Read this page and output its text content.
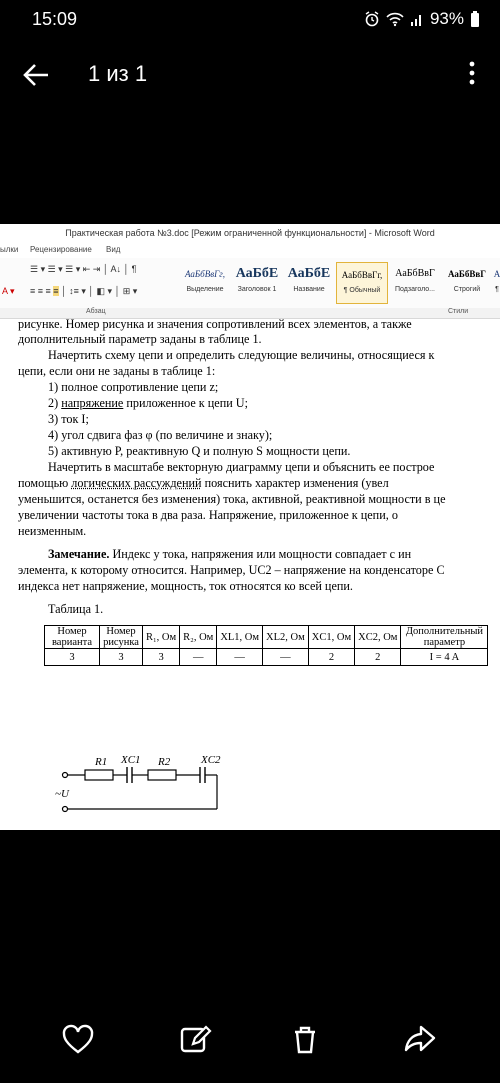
15:09	93%
1 из 1
Практическая работа №3.doc [Режим ограниченной функциональности] - Microsoft Word
ылки Рецензирование Вид
☰ ▾ ☰ ▾ ☰ ▾ ⇤ ⇥ │ A↓ │ ¶
A ▾ ≡ ≡ ≡ ≡ │ ↕≡ ▾ │ ◧ ▾ │ ⊞ ▾
АаБбВвГг,
Выделение
АаБбЕ
Заголовок 1
АаБбЕ
Название
АаБбВвГг,
¶ Обычный
АаБбВвГ
Подзаголо...
АаБбВвГ
Строгий
А
¶
Абзац	Стили

рисунке. Номер рисунка и значения сопротивлений всех элементов, а также

дополнительный параметр заданы в таблице 1.

Начертить схему цепи и определить следующие величины, относящиеся к

цепи, если они не заданы в таблице 1:

1) полное сопротивление цепи z;

2) напряжение приложенное к цепи U;

3) ток I;

4) угол сдвига фаз φ (по величине и знаку);

5) активную P, реактивную Q и полную S мощности цепи.

Начертить в масштабе векторную диаграмму цепи и объяснить ее построе

помощью логических рассуждений пояснить характер изменения (увел

уменьшится, останется без изменения) тока, активной, реактивной мощности в це

увеличении частоты тока в два раза. Напряжение, приложенное к цепи, о

неизменным.

Замечание. Индекс у тока, напряжения или мощности совпадает с ин

элемента, к которому относится. Например, UC2 – напряжение на конденсаторе C

индекса нет напряжение, мощность, ток относятся ко всей цепи.

Таблица 1.

Номер варианта	Номер рисунка	R₁, Ом	R₂, Ом	XL1, Ом	XL2, Ом	XC1, Ом	XC2, Ом	Дополнительный параметр
3	3	3	—	—	—	2	2	I = 4 A
R1 XC1 R2	XC2
~U
